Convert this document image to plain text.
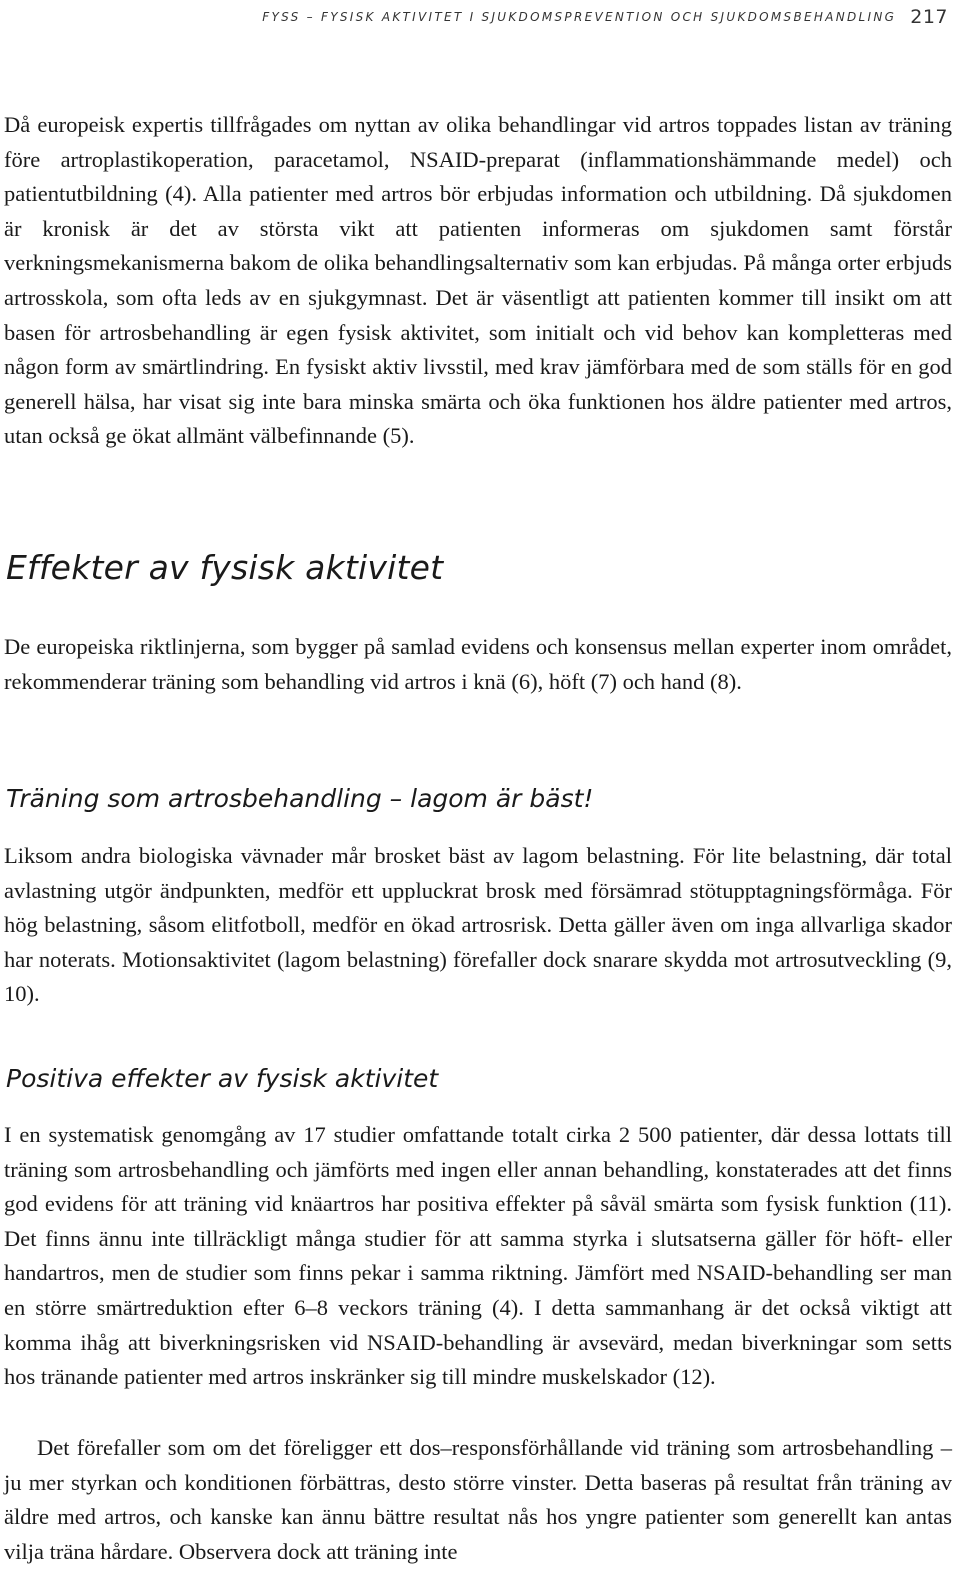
FYSS – FYSISK AKTIVITET I SJUKDOMSPREVENTION OCH SJUKDOMSBEHANDLING 217

Då europeisk expertis tillfrågades om nyttan av olika behandlingar vid artros toppades listan av träning före artroplastikoperation, paracetamol, NSAID-preparat (inflammationshämmande medel) och patientutbildning (4). Alla patienter med artros bör erbjudas information och utbildning. Då sjukdomen är kronisk är det av största vikt att patienten informeras om sjukdomen samt förstår verkningsmekanismerna bakom de olika behandlingsalternativ som kan erbjudas. På många orter erbjuds artrosskola, som ofta leds av en sjukgymnast. Det är väsentligt att patienten kommer till insikt om att basen för artrosbehandling är egen fysisk aktivitet, som initialt och vid behov kan kompletteras med någon form av smärtlindring. En fysiskt aktiv livsstil, med krav jämförbara med de som ställs för en god generell hälsa, har visat sig inte bara minska smärta och öka funktionen hos äldre patienter med artros, utan också ge ökat allmänt välbefinnande (5).

Effekter av fysisk aktivitet

De europeiska riktlinjerna, som bygger på samlad evidens och konsensus mellan experter inom området, rekommenderar träning som behandling vid artros i knä (6), höft (7) och hand (8).

Träning som artrosbehandling – lagom är bäst!

Liksom andra biologiska vävnader mår brosket bäst av lagom belastning. För lite belastning, där total avlastning utgör ändpunkten, medför ett uppluckrat brosk med försämrad stötupptagningsförmåga. För hög belastning, såsom elitfotboll, medför en ökad artrosrisk. Detta gäller även om inga allvarliga skador har noterats. Motionsaktivitet (lagom belastning) förefaller dock snarare skydda mot artrosutveckling (9, 10).

Positiva effekter av fysisk aktivitet

I en systematisk genomgång av 17 studier omfattande totalt cirka 2 500 patienter, där dessa lottats till träning som artrosbehandling och jämförts med ingen eller annan behandling, konstaterades att det finns god evidens för att träning vid knäartros har positiva effekter på såväl smärta som fysisk funktion (11). Det finns ännu inte tillräckligt många studier för att samma styrka i slutsatserna gäller för höft- eller handartros, men de studier som finns pekar i samma riktning. Jämfört med NSAID-behandling ser man en större smärtreduktion efter 6–8 veckors träning (4). I detta sammanhang är det också viktigt att komma ihåg att biverkningsrisken vid NSAID-behandling är avsevärd, medan biverkningar som setts hos tränande patienter med artros inskränker sig till mindre muskelskador (12).

Det förefaller som om det föreligger ett dos–responsförhållande vid träning som artrosbehandling – ju mer styrkan och konditionen förbättras, desto större vinster. Detta baseras på resultat från träning av äldre med artros, och kanske kan ännu bättre resultat nås hos yngre patienter som generellt kan antas vilja träna hårdare. Observera dock att träning inte
